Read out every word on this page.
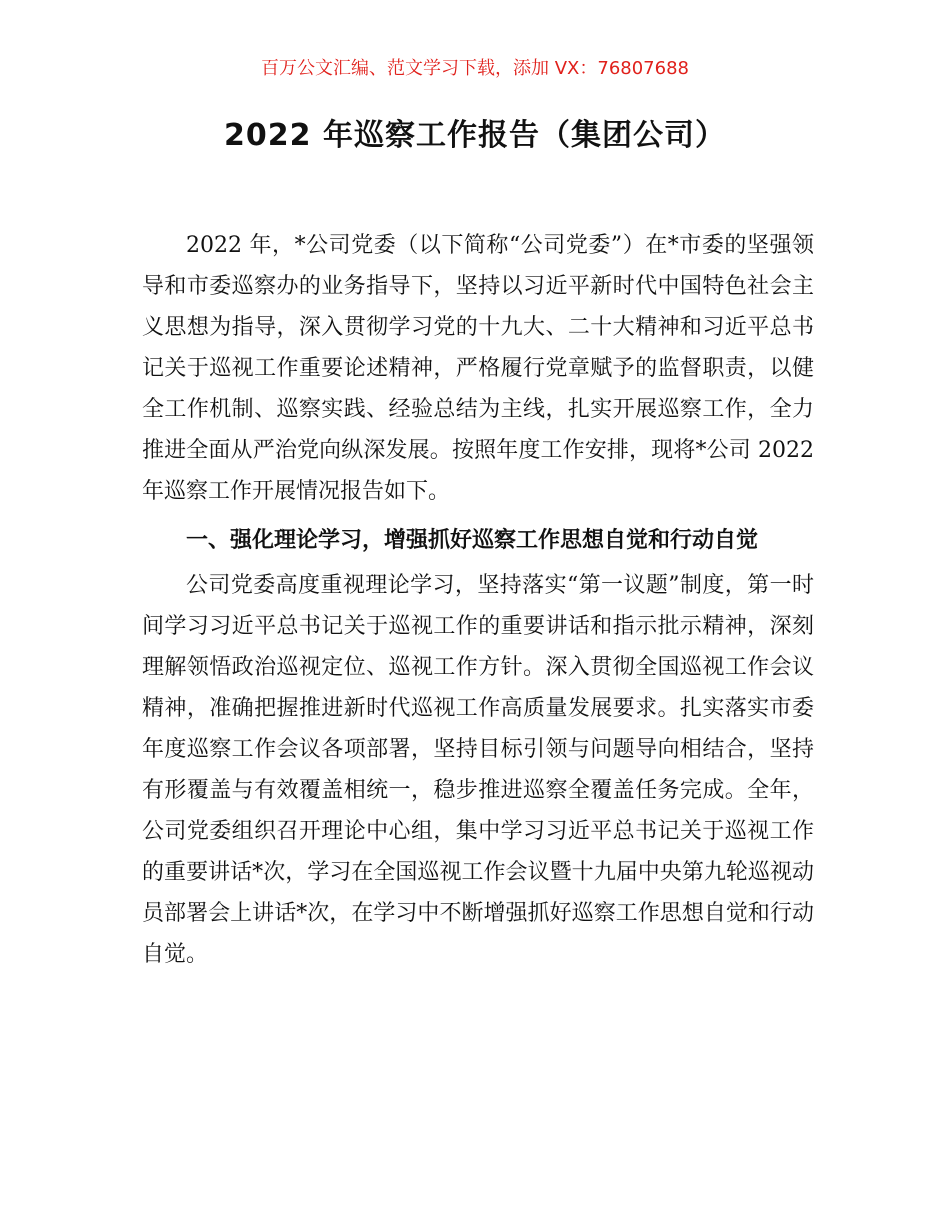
百万公文汇编、范文学习下载，添加 VX：76807688
2022 年巡察工作报告（集团公司）

2022 年，*公司党委（以下简称“公司党委”）在*市委的坚强领导和市委巡察办的业务指导下，坚持以习近平新时代中国特色社会主义思想为指导，深入贯彻学习党的十九大、二十大精神和习近平总书记关于巡视工作重要论述精神，严格履行党章赋予的监督职责，以健全工作机制、巡察实践、经验总结为主线，扎实开展巡察工作，全力推进全面从严治党向纵深发展。按照年度工作安排，现将*公司 2022 年巡察工作开展情况报告如下。

一、强化理论学习，增强抓好巡察工作思想自觉和行动自觉

公司党委高度重视理论学习，坚持落实“第一议题”制度，第一时间学习习近平总书记关于巡视工作的重要讲话和指示批示精神，深刻理解领悟政治巡视定位、巡视工作方针。深入贯彻全国巡视工作会议精神，准确把握推进新时代巡视工作高质量发展要求。扎实落实市委年度巡察工作会议各项部署，坚持目标引领与问题导向相结合，坚持有形覆盖与有效覆盖相统一，稳步推进巡察全覆盖任务完成。全年，公司党委组织召开理论中心组，集中学习习近平总书记关于巡视工作的重要讲话*次，学习在全国巡视工作会议暨十九届中央第九轮巡视动员部署会上讲话*次，在学习中不断增强抓好巡察工作思想自觉和行动自觉。
